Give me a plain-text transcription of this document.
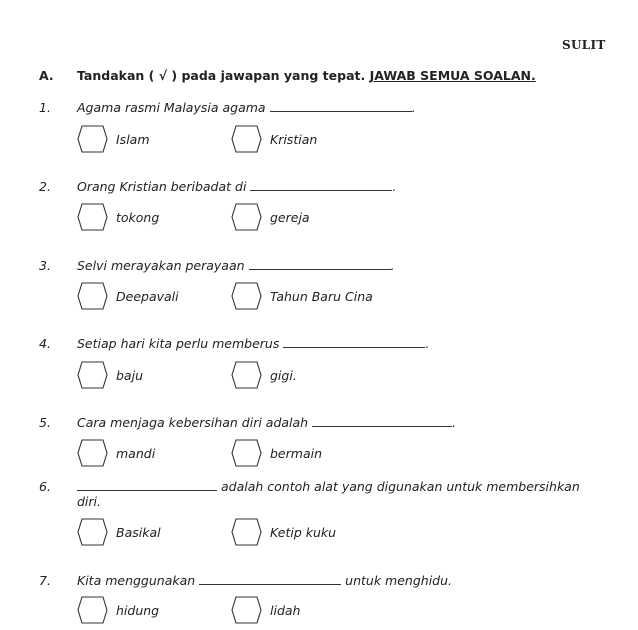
SULIT
A. Tandakan ( √ ) pada jawapan yang tepat. JAWAB SEMUA SOALAN.
1. Agama rasmi Malaysia agama	.
Islam	Kristian
2. Orang Kristian beribadat di	.
tokong	gereja
3. Selvi merayakan perayaan	.
Deepavali	Tahun Baru Cina
4. Setiap hari kita perlu memberus	.
baju	gigi.
5. Cara menjaga kebersihan diri adalah	.
mandi	bermain
6.	adalah contoh alat yang digunakan untuk membersihkan
diri.
Basikal	Ketip kuku
7. Kita menggunakan	untuk menghidu.
hidung	lidah
